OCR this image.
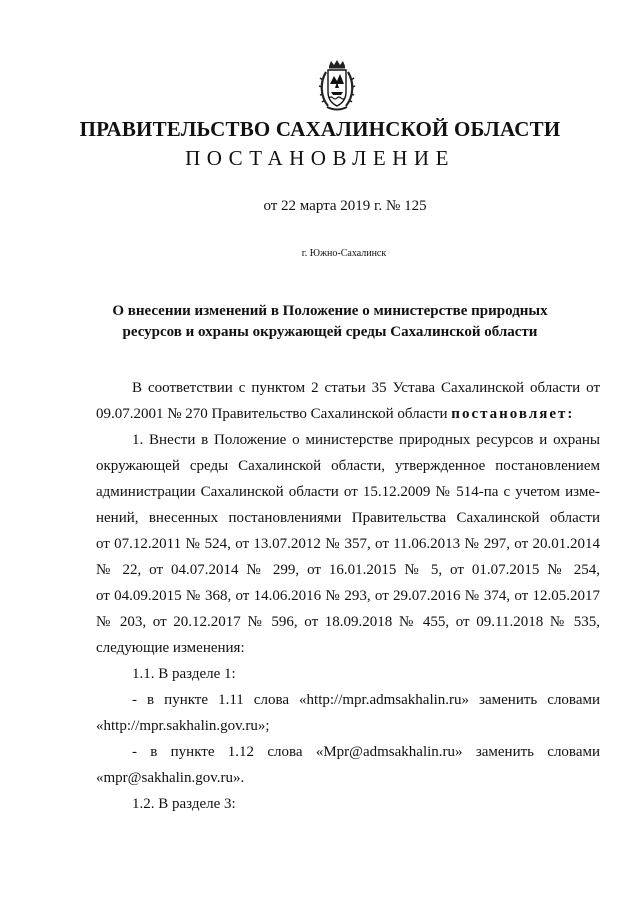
ПРАВИТЕЛЬСТВО САХАЛИНСКОЙ ОБЛАСТИ
ПОСТАНОВЛЕНИЕ
от 22 марта 2019 г. № 125
г. Южно-Сахалинск
О внесении изменений в Положение о министерстве природных
ресурсов и охраны окружающей среды Сахалинской области
В соответствии с пунктом 2 статьи 35 Устава Сахалинской области от
09.07.2001 № 270 Правительство Сахалинской области постановляет:
1. Внести в Положение о министерстве природных ресурсов и охраны
окружающей среды Сахалинской области, утвержденное постановлением
администрации Сахалинской области от 15.12.2009 № 514-па с учетом изме-
нений, внесенных постановлениями Правительства Сахалинской области
от 07.12.2011 № 524, от 13.07.2012 № 357, от 11.06.2013 № 297, от 20.01.2014
№ 22, от 04.07.2014 № 299, от 16.01.2015 № 5, от 01.07.2015 № 254,
от 04.09.2015 № 368, от 14.06.2016 № 293, от 29.07.2016 № 374, от 12.05.2017
№ 203, от 20.12.2017 № 596, от 18.09.2018 № 455, от 09.11.2018 № 535,
следующие изменения:
1.1. В разделе 1:
- в пункте 1.11 слова «http://mpr.admsakhalin.ru» заменить словами
«http://mpr.sakhalin.gov.ru»;
- в пункте 1.12 слова «Mpr@admsakhalin.ru» заменить словами
«mpr@sakhalin.gov.ru».
1.2. В разделе 3:
